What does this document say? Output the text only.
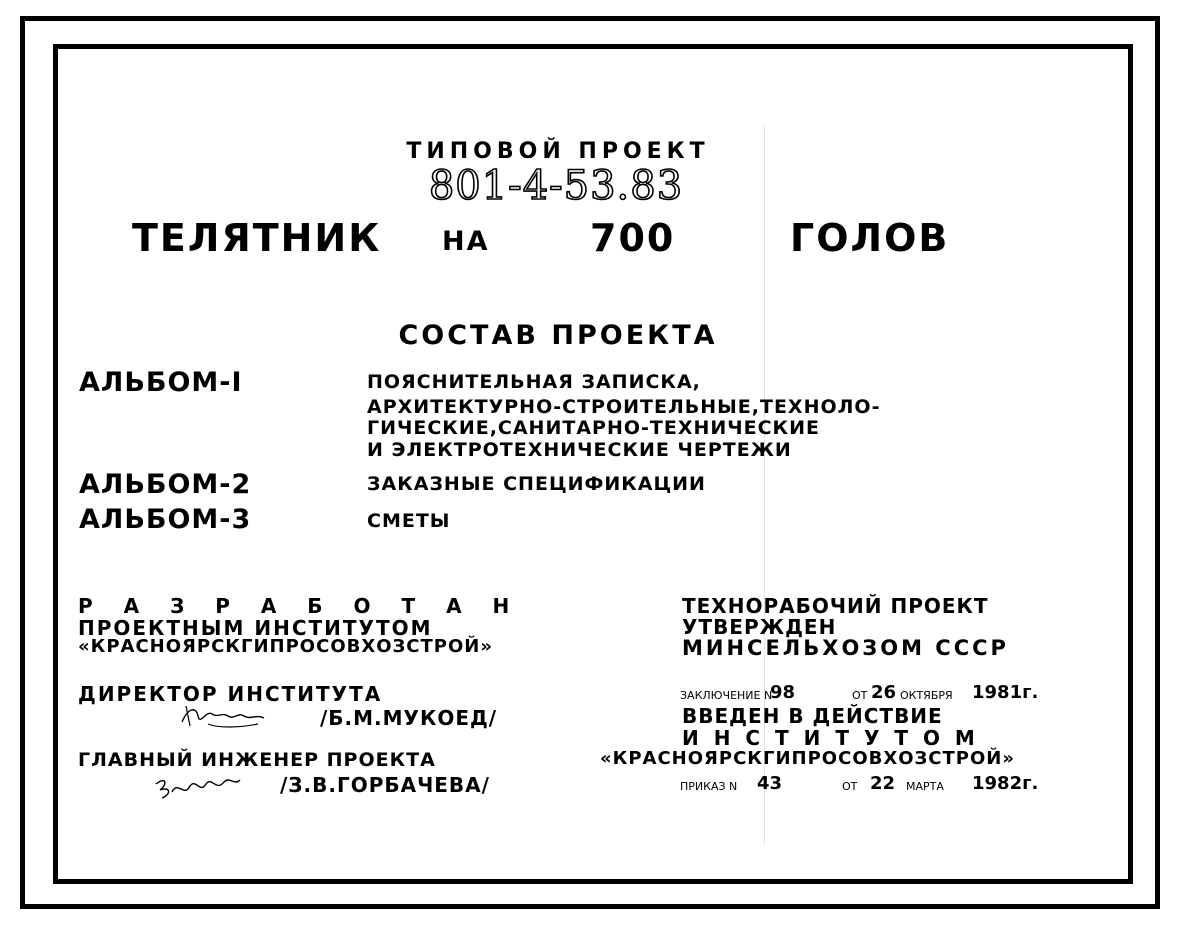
ТИПОВОЙ ПРОЕКТ
801-4-53.83
ТЕЛЯТНИК НА	700	ГОЛОВ
СОСТАВ ПРОЕКТА
АЛЬБОМ-I	ПОЯСНИТЕЛЬНАЯ ЗАПИСКА,
АРХИТЕКТУРНО-СТРОИТЕЛЬНЫЕ,ТЕХНОЛО-
ГИЧЕСКИЕ,САНИТАРНО-ТЕХНИЧЕСКИЕ
И ЭЛЕКТРОТЕХНИЧЕСКИЕ ЧЕРТЕЖИ
АЛЬБОМ-2	ЗАКАЗНЫЕ СПЕЦИФИКАЦИИ
АЛЬБОМ-3	СМЕТЫ
Р А З Р А Б О Т А Н
ПРОЕКТНЫМ ИНСТИТУТОМ
«КРАСНОЯРСКГИПРОСОВХОЗСТРОЙ»
ДИРЕКТОР ИНСТИТУТА
/Б.М.МУКОЕД/
ГЛАВНЫЙ ИНЖЕНЕР ПРОЕКТА
/З.В.ГОРБАЧЕВА/
ТЕХНОРАБОЧИЙ ПРОЕКТ
УТВЕРЖДЕН
МИНСЕЛЬХОЗОМ СССР
ЗАКЛЮЧЕНИЕ N
98	ОТ 26 ОКТЯБРЯ 1981г.
ВВЕДЕН В ДЕЙСТВИЕ
И Н С Т И Т У Т О М
«КРАСНОЯРСКГИПРОСОВХОЗСТРОЙ»
ПРИКАЗ N 43	ОТ 22 МАРТА 1982г.
